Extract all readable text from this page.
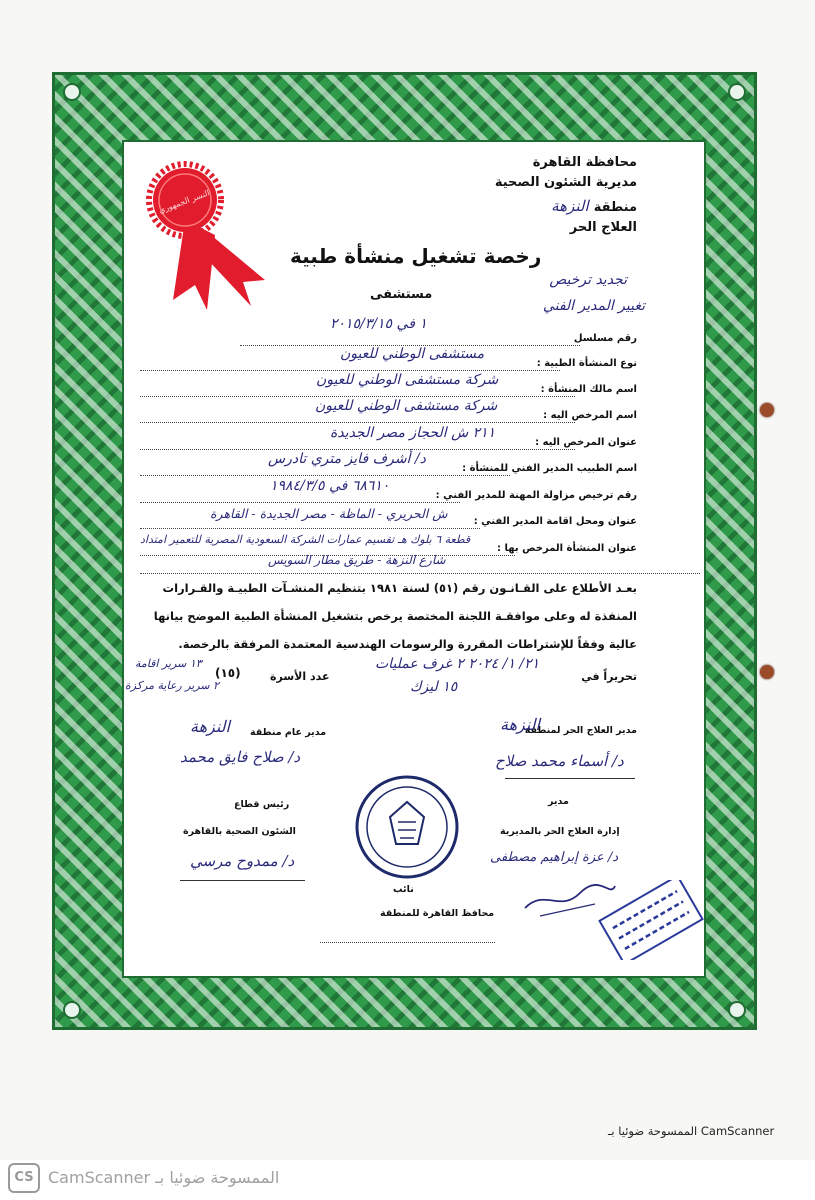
النسر الجمهوري
محافظة القاهرة
مديرية الشئون الصحية
منطقة النزهة
العلاج الحر
رخصة تشغيل منشأة طبية
مستشفى
تجديد ترخيص
تغيير المدير الفني
رقم مسلسل
١ في ٢٠١٥/٣/١٥
نوع المنشأة الطبية :
مستشفى الوطني للعيون
اسم مالك المنشأة :
شركة مستشفى الوطني للعيون
اسم المرخص اليه :
شركة مستشفى الوطني للعيون
عنوان المرخص اليه :
٢١١ ش الحجاز مصر الجديدة
اسم الطبيب المدير الفني للمنشأة :
د/ أشرف فايز متري تادرس
رقم ترخيص مزاولة المهنة للمدير الفني :
٦٨٦١٠ في ١٩٨٤/٣/٥
عنوان ومحل اقامة المدير الفني :
ش الحريري - الماظة - مصر الجديدة - القاهرة
عنوان المنشأة المرخص بها :
قطعة ٦ بلوك هـ تقسيم عمارات الشركة السعودية المصرية للتعمير امتداد
شارع النزهة - طريق مطار السويس
بعـد الأطلاع على القـانـون رقم (٥١) لسنة ١٩٨١ بتنظيم المنشـآت الطبيـة والقـرارات
المنفذة له وعلى موافقـة اللجنة المختصة يرخص بتشغيل المنشأة الطبية الموضح بيانها
عالية وفقاً للإشتراطات المقررة والرسومات الهندسية المعتمدة المرفقة بالرخصة.
تحريراً في
٢١/ ١/ ٢٠٢٤ ٢ غرف عمليات
١٥ ليزك
عدد الأسرة
(١٥)
١٣ سرير اقامة
٢ سرير رعاية مركزة
مدير العلاج الحر لمنطقة
النزهة
د/ أسماء محمد صلاح
مدير
مدير عام منطقة
النزهة
د/ صلاح فايق محمد
رئيس قطاع
الشئون الصحية بالقاهرة
د/ ممدوح مرسي
إدارة العلاج الحر بالمديرية
د/ عزة إبراهيم مصطفى
نائب
محافظ القاهرة للمنطقة
الممسوحة ضوئيا بـ CamScanner
CS CamScanner الممسوحة ضوئيا بـ
